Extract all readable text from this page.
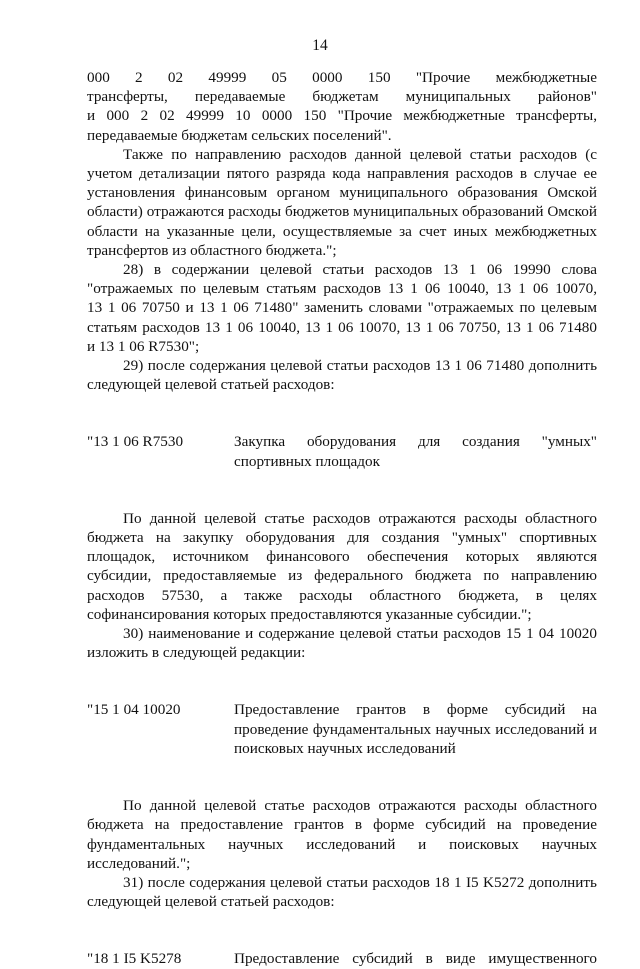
14

000 2 02 49999 05 0000 150 "Прочие межбюджетные
трансферты, передаваемые бюджетам муниципальных районов"
и 000 2 02 49999 10 0000 150 "Прочие межбюджетные трансферты,
передаваемые бюджетам сельских поселений".

Также по направлению расходов данной целевой статьи расходов (с
учетом детализации пятого разряда кода направления расходов в случае ее
установления финансовым органом муниципального образования Омской
области) отражаются расходы бюджетов муниципальных образований Омской
области на указанные цели, осуществляемые за счет иных межбюджетных
трансфертов из областного бюджета.";

28) в содержании целевой статьи расходов 13 1 06 19990 слова
"отражаемых по целевым статьям расходов 13 1 06 10040, 13 1 06 10070,
13 1 06 70750 и 13 1 06 71480" заменить словами "отражаемых по целевым
статьям расходов 13 1 06 10040, 13 1 06 10070, 13 1 06 70750, 13 1 06 71480
и 13 1 06 R7530";

29) после содержания целевой статьи расходов 13 1 06 71480 дополнить
следующей целевой статьей расходов:

"13 1 06 R7530	Закупка оборудования для создания "умных"
спортивных площадок

По данной целевой статье расходов отражаются расходы областного
бюджета на закупку оборудования для создания "умных" спортивных
площадок, источником финансового обеспечения которых являются
субсидии, предоставляемые из федерального бюджета по направлению
расходов 57530, а также расходы областного бюджета, в целях
софинансирования которых предоставляются указанные субсидии.";

30) наименование и содержание целевой статьи расходов 15 1 04 10020
изложить в следующей редакции:

"15 1 04 10020	Предоставление грантов в форме субсидий на
проведение фундаментальных научных исследований и
поисковых научных исследований

По данной целевой статье расходов отражаются расходы областного
бюджета на предоставление грантов в форме субсидий на проведение
фундаментальных научных исследований и поисковых научных
исследований.";

31) после содержания целевой статьи расходов 18 1 I5 K5272 дополнить
следующей целевой статьей расходов:

"18 1 I5 K5278	Предоставление субсидий в виде имущественного
